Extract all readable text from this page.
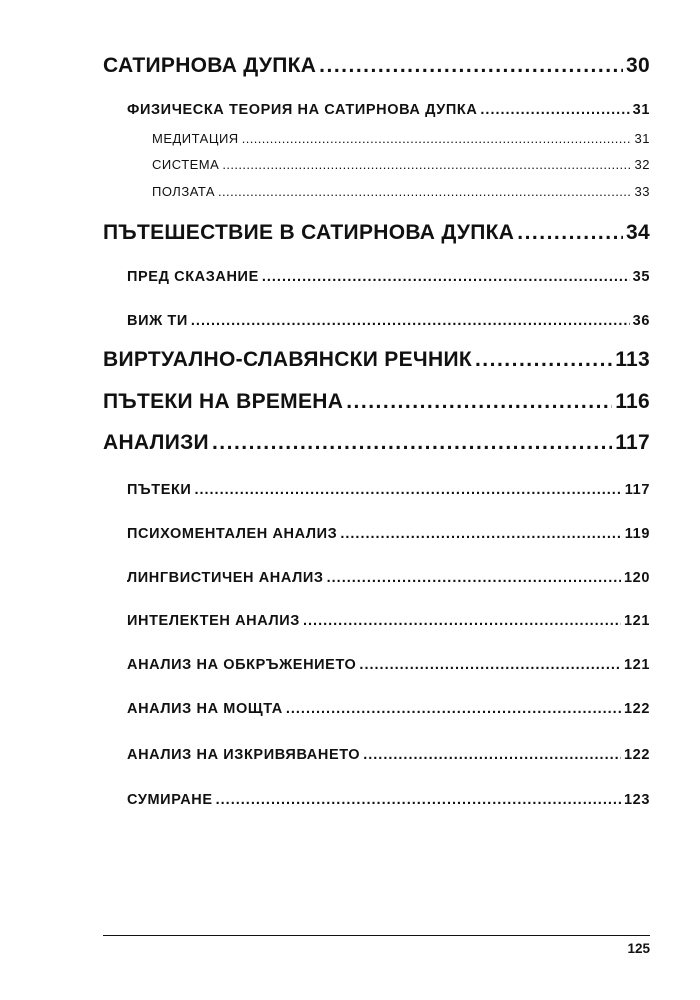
САТИРНОВА ДУПКА .....	30
ФИЗИЧЕСКА ТЕОРИЯ НА САТИРНОВА ДУПКА .....	31
МЕДИТАЦИЯ .....	31
СИСТЕМА .....	32
ПОЛЗАТА .....	33
ПЪТЕШЕСТВИЕ В САТИРНОВА ДУПКА .....	34
ПРЕД СКАЗАНИЕ .....	35
ВИЖ ТИ .....	36
ВИРТУАЛНО-СЛАВЯНСКИ РЕЧНИК .....	113
ПЪТЕКИ НА ВРЕМЕНА .....	116
АНАЛИЗИ .....	117
ПЪТЕКИ .....	117
ПСИХОМЕНТАЛЕН АНАЛИЗ .....	119
ЛИНГВИСТИЧЕН АНАЛИЗ .....	120
ИНТЕЛЕКТЕН АНАЛИЗ .....	121
АНАЛИЗ НА ОБКРЪЖЕНИЕТО .....	121
АНАЛИЗ НА МОЩТА .....	122
АНАЛИЗ НА ИЗКРИВЯВАНЕТО .....	122
СУМИРАНЕ .....	123
125
